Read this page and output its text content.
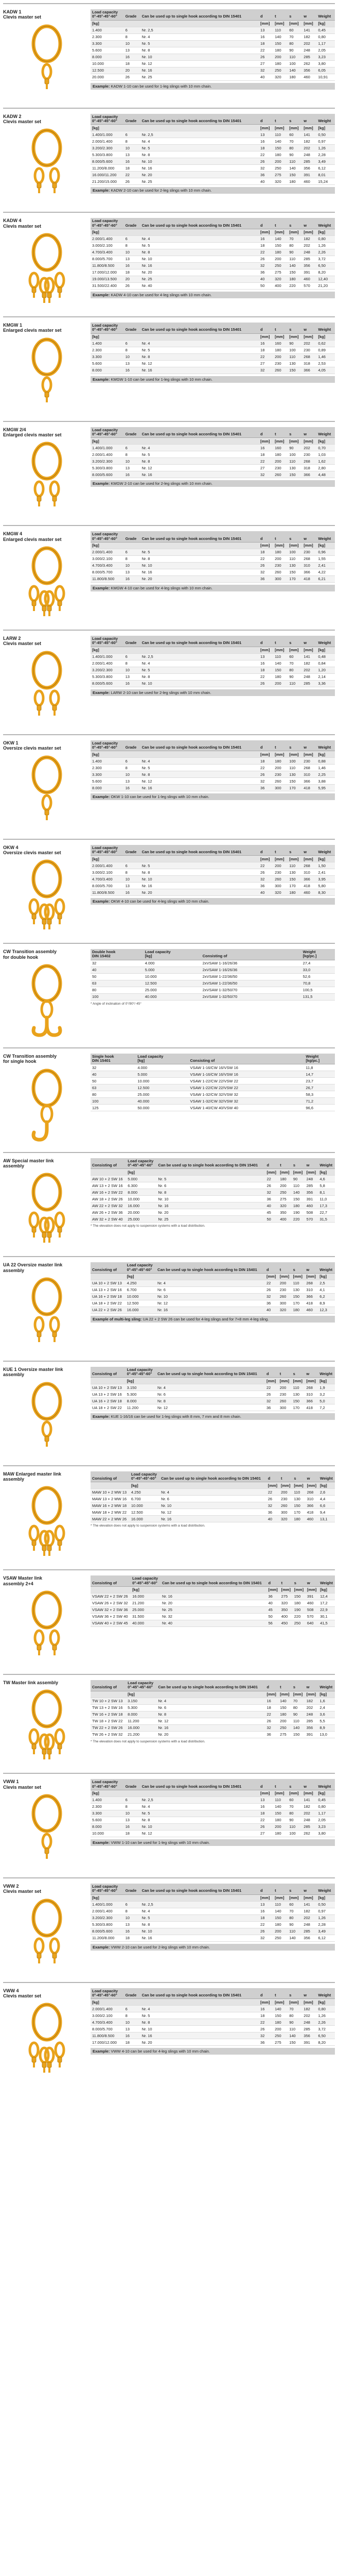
KADW 1
Clevis master set
Load capacity
0°-45°-45°-60°	Grade	Can be used up to single hook according to DIN 15401	d	t	s	w	Weight
[kg]			[mm]	[mm]	[mm]	[mm]	[kg]
1.400	6	Nr. 2,5	13	110	60	141	0,45
2.300	8	Nr. 4	16	140	70	182	0,80
3.300	10	Nr. 5	18	150	80	202	1,17
5.600	13	Nr. 8	22	180	90	248	2,05
8.000	16	Nr. 10	26	200	110	285	3,23
10.000	18	Nr. 12	27	180	100	262	3,80
12.500	20	Nr. 16	32	250	140	356	6,05
20.000	26	Nr. 25	40	320	180	460	10,91
Example: KADW 1-10 can be used for 1-leg slings with 10 mm chain.
KADW 2
Clevis master set
Load capacity
0°-45°-45°-60°	Grade	Can be used up to single hook according to DIN 15401	d	t	s	w	Weight
[kg]			[mm]	[mm]	[mm]	[mm]	[kg]
1.400/1.000	6	Nr. 2,5	13	110	60	141	0,50
2.000/1.400	8	Nr. 4	16	140	70	182	0,97
3.200/2.300	10	Nr. 5	18	150	80	202	1,26
5.300/3.800	13	Nr. 8	22	180	90	248	2,28
8.000/5.600	16	Nr. 10	26	200	110	285	3,49
11.200/8.000	18	Nr. 16	32	250	140	356	6,12
16.000/11.200	22	Nr. 20	36	275	150	391	8,01
21.200/15.000	26	Nr. 25	40	320	180	460	15,24
Example: KADW 2-10 can be used for 2-leg slings with 10 mm chain.
KADW 4
Clevis master set
Load capacity
0°-45°-45°-60°	Grade	Can be used up to single hook according to DIN 15401	d	t	s	w	Weight
[kg]			[mm]	[mm]	[mm]	[mm]	[kg]
2.000/1.400	6	Nr. 4	16	140	70	182	0,80
3.000/2.100	8	Nr. 5	18	150	80	202	1,26
4.700/3.400	10	Nr. 8	22	180	90	248	2,26
8.000/5.700	13	Nr. 10	26	200	110	285	3,72
11.800/8.500	16	Nr. 16	32	250	140	356	6,50
17.000/12.000	18	Nr. 20	36	275	150	391	8,20
19.000/13.500	20	Nr. 25	40	320	180	460	12,40
31.500/22.400	26	Nr. 40	50	400	220	570	21,20
Example: KADW 4-10 can be used for 4-leg slings with 10 mm chain.
KMGW 1
Enlarged clevis master set
Load capacity
0°-45°-45°-60°	Grade	Can be used up to single hook according to DIN 15401	d	t	s	w	Weight
[kg]			[mm]	[mm]	[mm]	[mm]	[kg]
1.400	6	Nr. 4	16	160	90	202	0,62
2.300	8	Nr. 5	18	180	100	230	0,89
3.300	10	Nr. 8	22	200	110	268	1,46
5.600	13	Nr. 12	27	230	130	318	2,53
8.000	16	Nr. 16	32	260	150	366	4,05
Example: KMGW 1-10 can be used for 1-leg slings with 10 mm chain.
KMGW 2/4
Enlarged clevis master set
Load capacity
0°-45°-45°-60°	Grade	Can be used up to single hook according to DIN 15401	d	t	s	w	Weight
[kg]			[mm]	[mm]	[mm]	[mm]	[kg]
1.400/1.000	6	Nr. 4	16	160	90	202	0,70
2.000/1.400	8	Nr. 5	18	180	100	230	1,03
3.200/2.300	10	Nr. 8	22	200	110	268	1,62
5.300/3.800	13	Nr. 12	27	230	130	318	2,80
8.000/5.600	16	Nr. 16	32	260	150	366	4,48
Example: KMGW 2-10 can be used for 2-leg slings with 10 mm chain.
KMGW 4
Enlarged clevis master set
Load capacity
0°-45°-45°-60°	Grade	Can be used up to single hook according to DIN 15401	d	t	s	w	Weight
[kg]			[mm]	[mm]	[mm]	[mm]	[kg]
2.000/1.400	6	Nr. 5	18	180	100	230	0,96
3.000/2.100	8	Nr. 8	22	200	110	268	1,55
4.700/3.400	10	Nr. 10	26	230	130	310	2,41
8.000/5.700	13	Nr. 16	32	260	150	366	4,22
11.800/8.500	16	Nr. 20	36	300	170	418	6,21
Example: KMGW 4-10 can be used for 4-leg slings with 10 mm chain.
LARW 2
Clevis master set
Load capacity
0°-45°-45°-60°	Grade	Can be used up to single hook according to DIN 15401	d	t	s	w	Weight
[kg]			[mm]	[mm]	[mm]	[mm]	[kg]
1.400/1.000	6	Nr. 2,5	13	110	60	141	0,48
2.000/1.400	8	Nr. 4	16	140	70	182	0,84
3.200/2.300	10	Nr. 5	18	150	80	202	1,20
5.300/3.800	13	Nr. 8	22	180	90	248	2,14
8.000/5.600	16	Nr. 10	26	200	110	285	3,36
Example: LARW 2-10 can be used for 2-leg slings with 10 mm chain.
OKW 1
Oversize clevis master set
Load capacity
0°-45°-45°-60°	Grade	Can be used up to single hook according to DIN 15401	d	t	s	w	Weight
[kg]			[mm]	[mm]	[mm]	[mm]	[kg]
1.400	6	Nr. 4	18	180	100	230	0,88
2.300	8	Nr. 5	22	200	110	268	1,46
3.300	10	Nr. 8	26	230	130	310	2,25
5.600	13	Nr. 12	32	260	150	366	3,88
8.000	16	Nr. 16	36	300	170	418	5,95
Example: OKW 1-10 can be used for 1-leg slings with 10 mm chain.
OKW 4
Oversize clevis master set
Load capacity
0°-45°-45°-60°	Grade	Can be used up to single hook according to DIN 15401	d	t	s	w	Weight
[kg]			[mm]	[mm]	[mm]	[mm]	[kg]
2.000/1.400	6	Nr. 5	22	200	110	268	1,50
3.000/2.100	8	Nr. 8	26	230	130	310	2,41
4.700/3.400	10	Nr. 10	32	260	150	366	3,95
8.000/5.700	13	Nr. 16	36	300	170	418	5,80
11.800/8.500	16	Nr. 20	40	320	180	460	8,30
Example: OKW 4-10 can be used for 4-leg slings with 10 mm chain.
CW Transition assembly
for double hook
Double hook
DIN 15402	Load capacity
[kg]	Consisting of					Weight
[kg/pc.]
32	4.000	2xVSAW 1-16/26/36					27,4
40	5.000	2xVSAW 1-16/26/36					33,0
50	10.000	2xVSAW 1-22/36/50					52,6
63	12.500	2xVSAW 1-22/36/50					70,8
80	25.000	2xVSAW 1-32/50/70					100,5
100	40.000	2xVSAW 1-32/50/70					131,5
* Angle of inclination of 0°/90°/ 45°
CW Transition assembly
for single hook
Single hook
DIN 15401	Load capacity
[kg]	Consisting of					Weight
[kg/pc.]
32	4.000	VSAW 1-16/CW 16/VSW 16					11,8
40	5.000	VSAW 1-16/CW 16/VSW 16					14,7
50	10.000	VSAW 1-22/CW 22/VSW 22					23,7
63	12.500	VSAW 1-22/CW 22/VSW 22					26,7
80	25.000	VSAW 1-32/CW 32/VSW 32					58,3
100	40.000	VSAW 1-32/CW 32/VSW 32					71,2
125	50.000	VSAW 1-40/CW 40/VSW 40					96,6
AW Special master link
assembly	Consisting of	Load capacity
0°-45°-45°-60°	Can be used up to single hook according to DIN 15401	d	t	s	w	Weight
	[kg]		[mm]	[mm]	[mm]	[mm]	[kg]
AW 10 + 2 SW 16	5.000	Nr. 5	22	180	90	248	4,6
AW 13 + 2 SW 16	6.300	Nr. 6	26	200	110	285	5,8
AW 16 + 2 SW 22	8.000	Nr. 8	32	250	140	356	8,1
AW 18 + 2 SW 26	10.000	Nr. 10	36	275	150	391	11,0
AW 22 + 2 SW 32	16.000	Nr. 16	40	320	180	460	17,3
AW 26 + 2 SW 36	20.000	Nr. 20	45	350	190	508	22,7
AW 32 + 2 SW 40	25.000	Nr. 25	50	400	220	570	31,5
* The elevation does not apply to suspension systems with a load distribution.
UA 22 Oversize master link
assembly	Consisting of	Load capacity
0°-45°-45°-60°	Can be used up to single hook according to DIN 15401	d	t	s	w	Weight
	[kg]		[mm]	[mm]	[mm]	[mm]	[kg]
UA 10 + 2 SW 13	4.250	Nr. 4	22	200	110	268	2,5
UA 13 + 2 SW 16	6.700	Nr. 6	26	230	130	310	4,1
UA 16 + 2 SW 18	10.000	Nr. 10	32	260	150	366	6,2
UA 18 + 2 SW 22	12.500	Nr. 12	36	300	170	418	8,9
UA 22 + 2 SW 26	16.000	Nr. 16	40	320	180	460	12,3
Example of multi-leg sling: UA 22 + 2 SW 26 can be used for 4-leg slings and for 7+8 mm 4-leg sling.
KUE 1 Oversize master link
assembly	Consisting of	Load capacity
0°-45°-45°-60°	Can be used up to single hook according to DIN 15401	d	t	s	w	Weight
	[kg]		[mm]	[mm]	[mm]	[mm]	[kg]
UA 10 + 2 SW 13	3.150	Nr. 4	22	200	110	268	1,9
UA 13 + 2 SW 16	5.300	Nr. 6	26	230	130	310	3,2
UA 16 + 2 SW 18	8.000	Nr. 8	32	260	150	366	5,0
UA 18 + 2 SW 22	11.200	Nr. 12	36	300	170	418	7,2
Example: KUE 1-16/16 can be used for 1-leg slings with 8 mm, 7 mm and 8 mm chain.
MAW Enlarged master link
assembly	Consisting of	Load capacity
0°-45°-45°-60°	Can be used up to single hook according to DIN 15401	d	t	s	w	Weight
	[kg]		[mm]	[mm]	[mm]	[mm]	[kg]
MAW 10 + 2 MW 13	4.250	Nr. 4	22	200	110	268	2,6
MAW 13 + 2 MW 16	6.700	Nr. 6	26	230	130	310	4,4
MAW 16 + 2 MW 18	10.000	Nr. 10	32	260	150	366	6,6
MAW 18 + 2 MW 22	12.500	Nr. 12	36	300	170	418	9,4
MAW 22 + 2 MW 26	16.000	Nr. 16	40	320	180	460	13,1
* The elevation does not apply to suspension systems with a load distribution.
VSAW Master link
assembly 2+4	Consisting of	Load capacity
0°-45°-45°-60°	Can be used up to single hook according to DIN 15401	d	t	s	w	Weight
	[kg]		[mm]	[mm]	[mm]	[mm]	[kg]
VSAW 22 + 2 SW 26	16.000	Nr. 16	36	275	150	391	12,4
VSAW 26 + 2 SW 32	21.200	Nr. 20	40	320	180	460	17,2
VSAW 32 + 2 SW 36	25.000	Nr. 25	45	350	190	508	22,9
VSAW 36 + 2 SW 40	31.500	Nr. 32	50	400	220	570	30,1
VSAW 40 + 2 SW 45	40.000	Nr. 40	56	450	250	640	41,5
TW Master link assembly
Consisting of	Load capacity
0°-45°-45°-60°	Can be used up to single hook according to DIN 15401	d	t	s	w	Weight
	[kg]		[mm]	[mm]	[mm]	[mm]	[kg]
TW 10 + 2 SW 13	3.150	Nr. 4	16	140	70	182	1,6
TW 13 + 2 SW 16	5.300	Nr. 6	18	150	80	202	2,4
TW 16 + 2 SW 18	8.000	Nr. 8	22	180	90	248	3,6
TW 18 + 2 SW 22	11.200	Nr. 12	26	200	110	285	5,5
TW 22 + 2 SW 26	16.000	Nr. 16	32	250	140	356	8,9
TW 26 + 2 SW 32	21.200	Nr. 20	36	275	150	391	13,0
* The elevation does not apply to suspension systems with a load distribution.
VWW 1
Clevis master set
Load capacity
0°-45°-45°-60°	Grade	Can be used up to single hook according to DIN 15401	d	t	s	w	Weight
[kg]			[mm]	[mm]	[mm]	[mm]	[kg]
1.400	6	Nr. 2,5	13	110	60	141	0,45
2.300	8	Nr. 4	16	140	70	182	0,80
3.300	10	Nr. 5	18	150	80	202	1,17
5.600	13	Nr. 8	22	180	90	248	2,05
8.000	16	Nr. 10	26	200	110	285	3,23
10.000	18	Nr. 12	27	180	100	262	3,80
Example: VWW 1-10 can be used for 1-leg slings with 10 mm chain.
VWW 2
Clevis master set
Load capacity
0°-45°-45°-60°	Grade	Can be used up to single hook according to DIN 15401	d	t	s	w	Weight
[kg]			[mm]	[mm]	[mm]	[mm]	[kg]
1.400/1.000	6	Nr. 2,5	13	110	60	141	0,50
2.000/1.400	8	Nr. 4	16	140	70	182	0,97
3.200/2.300	10	Nr. 5	18	150	80	202	1,26
5.300/3.800	13	Nr. 8	22	180	90	248	2,28
8.000/5.600	16	Nr. 10	26	200	110	285	3,49
11.200/8.000	18	Nr. 16	32	250	140	356	6,12
Example: VWW 2-10 can be used for 2-leg slings with 10 mm chain.
VWW 4
Clevis master set
Load capacity
0°-45°-45°-60°	Grade	Can be used up to single hook according to DIN 15401	d	t	s	w	Weight
[kg]			[mm]	[mm]	[mm]	[mm]	[kg]
2.000/1.400	6	Nr. 4	16	140	70	182	0,80
3.000/2.100	8	Nr. 5	18	150	80	202	1,26
4.700/3.400	10	Nr. 8	22	180	90	248	2,26
8.000/5.700	13	Nr. 10	26	200	110	285	3,72
11.800/8.500	16	Nr. 16	32	250	140	356	6,50
17.000/12.000	18	Nr. 20	36	275	150	391	8,20
Example: VWW 4-10 can be used for 4-leg slings with 10 mm chain.
